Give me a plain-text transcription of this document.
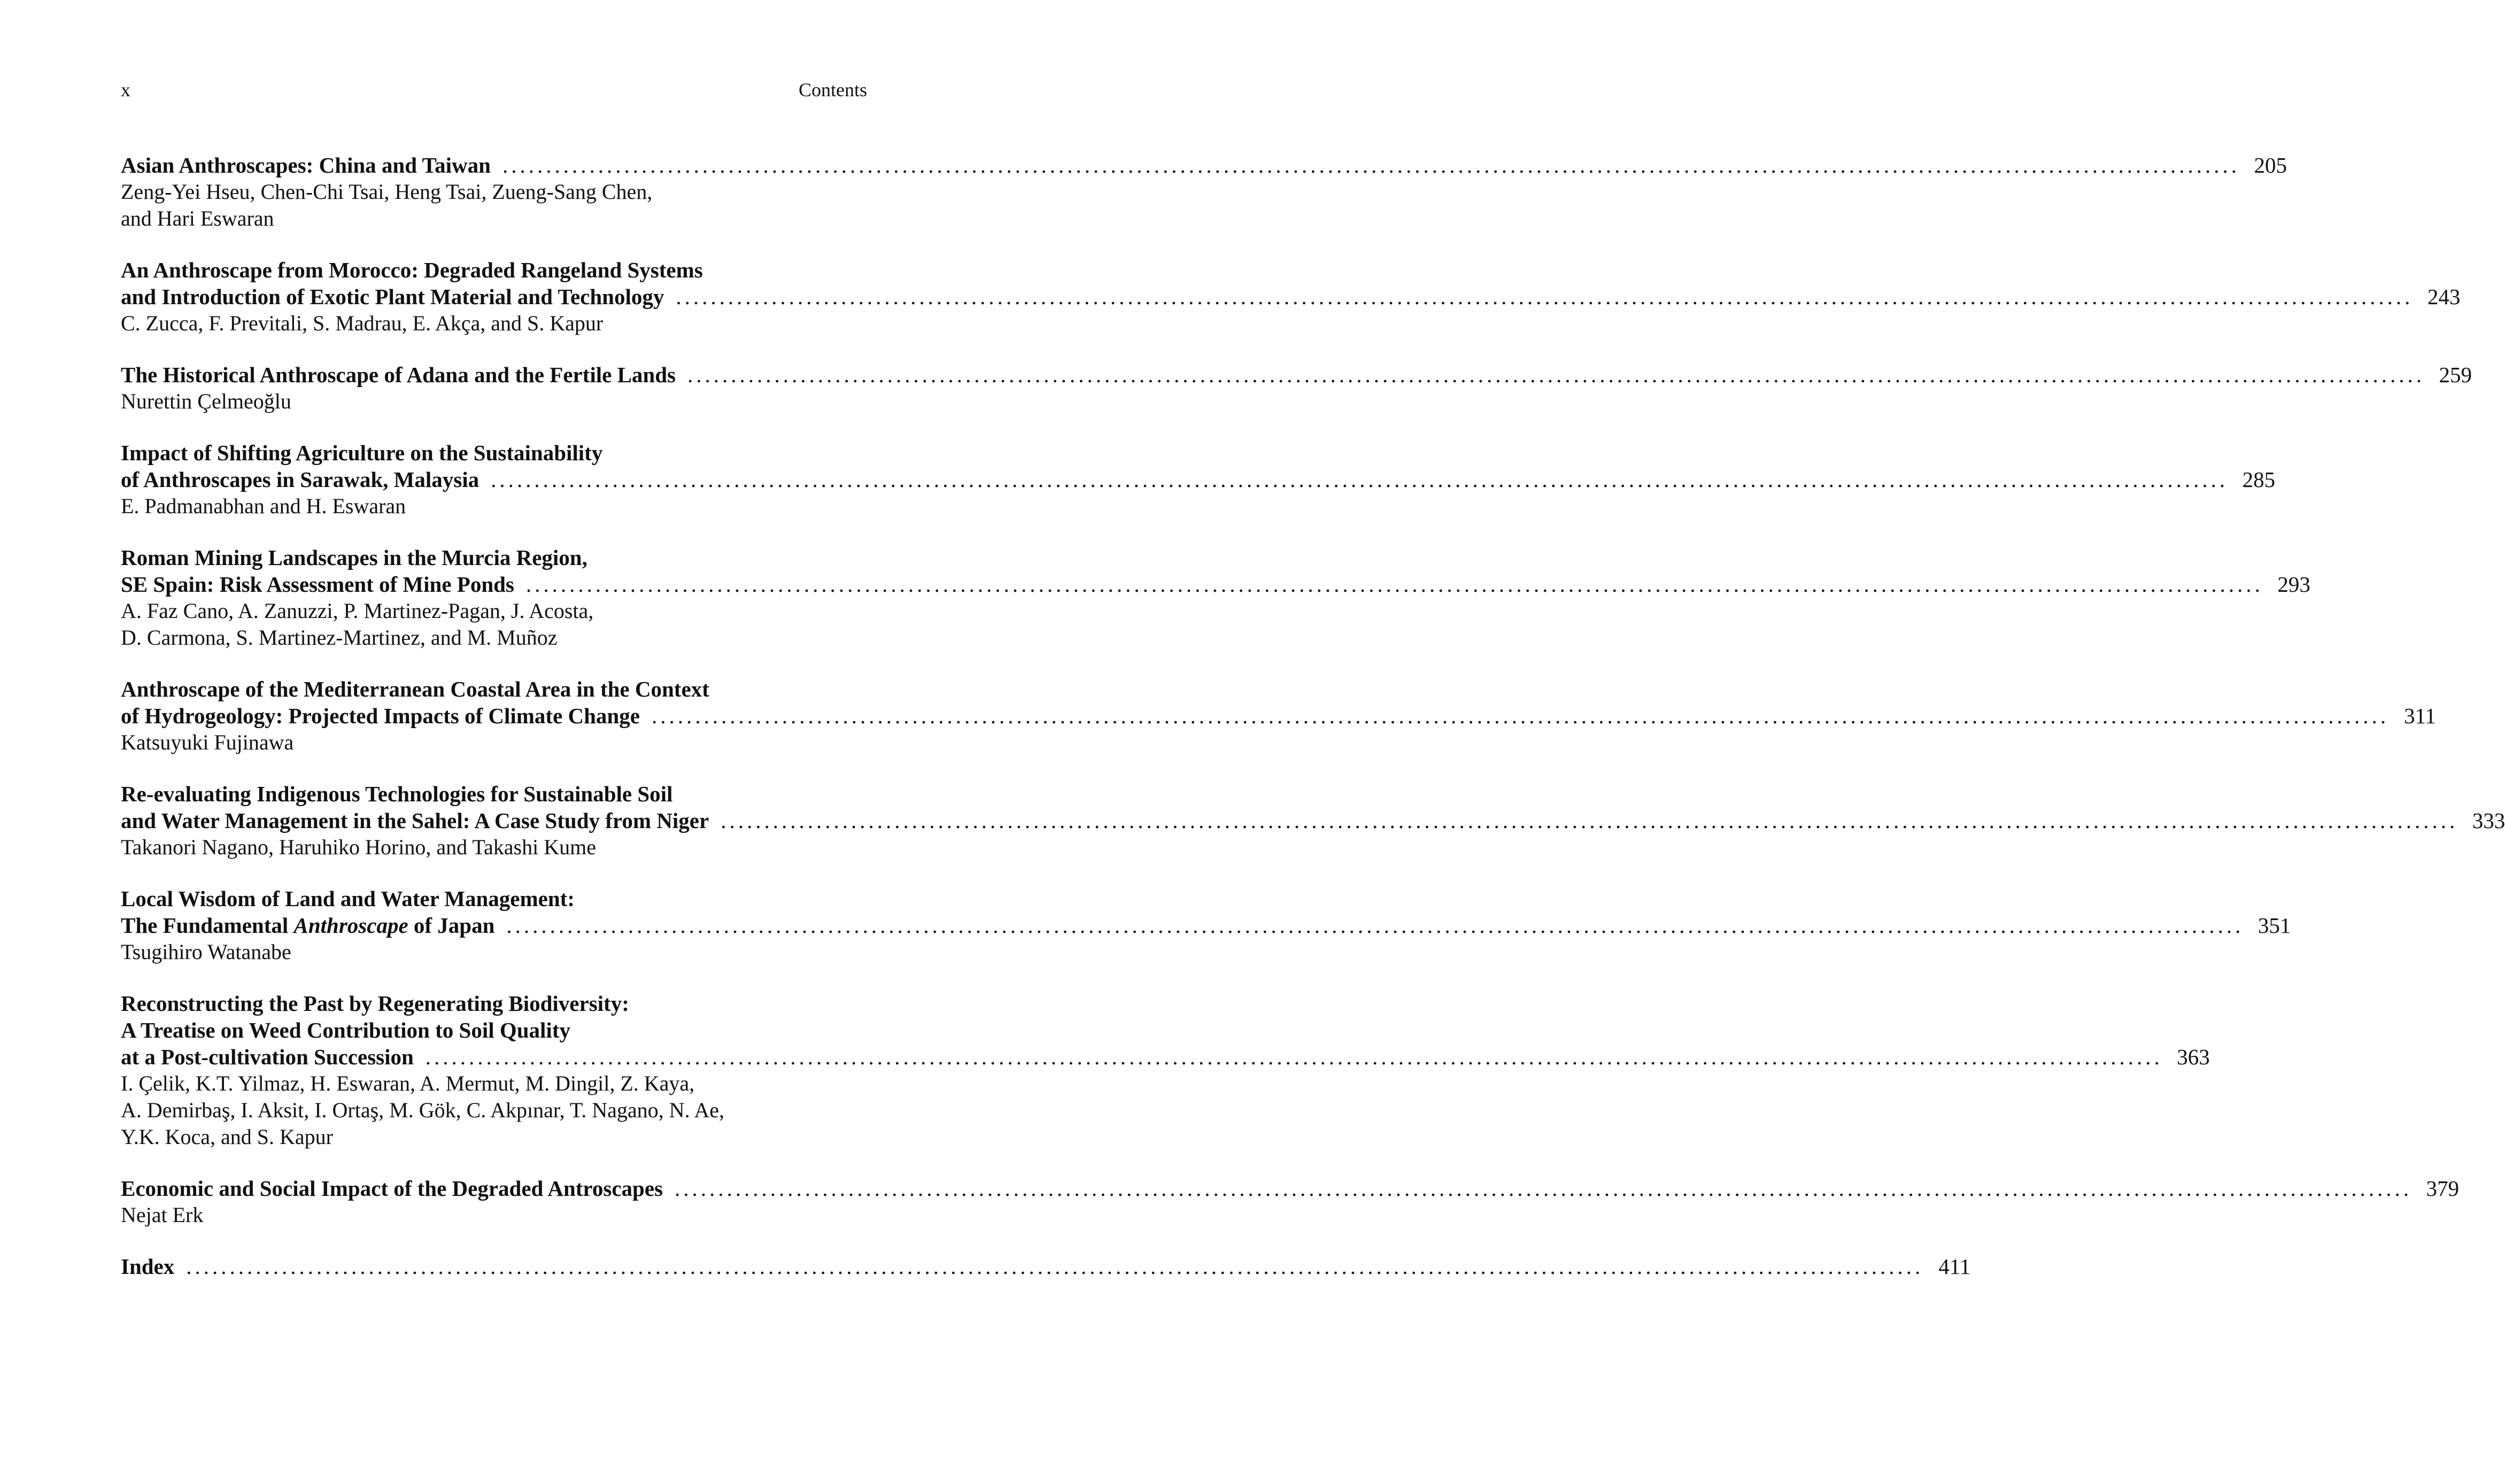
x	Contents
Asian Anthroscapes: China and Taiwan ........................................................................................................................................................................................................ 205
Zeng-Yei Hseu, Chen-Chi Tsai, Heng Tsai, Zueng-Sang Chen,
and Hari Eswaran
An Anthroscape from Morocco: Degraded Rangeland Systems
and Introduction of Exotic Plant Material and Technology ........................................................................................................................................................................................................ 243
C. Zucca, F. Previtali, S. Madrau, E. Akça, and S. Kapur
The Historical Anthroscape of Adana and the Fertile Lands ........................................................................................................................................................................................................ 259
Nurettin Çelmeoğlu
Impact of Shifting Agriculture on the Sustainability
of Anthroscapes in Sarawak, Malaysia ........................................................................................................................................................................................................ 285
E. Padmanabhan and H. Eswaran
Roman Mining Landscapes in the Murcia Region,
SE Spain: Risk Assessment of Mine Ponds ........................................................................................................................................................................................................ 293
A. Faz Cano, A. Zanuzzi, P. Martinez-Pagan, J. Acosta,
D. Carmona, S. Martinez-Martinez, and M. Muñoz
Anthroscape of the Mediterranean Coastal Area in the Context
of Hydrogeology: Projected Impacts of Climate Change ........................................................................................................................................................................................................ 311
Katsuyuki Fujinawa
Re-evaluating Indigenous Technologies for Sustainable Soil
and Water Management in the Sahel: A Case Study from Niger ........................................................................................................................................................................................................ 333
Takanori Nagano, Haruhiko Horino, and Takashi Kume
Local Wisdom of Land and Water Management:
The Fundamental Anthroscape of Japan ........................................................................................................................................................................................................ 351
Tsugihiro Watanabe
Reconstructing the Past by Regenerating Biodiversity:
A Treatise on Weed Contribution to Soil Quality
at a Post-cultivation Succession ........................................................................................................................................................................................................ 363
I. Çelik, K.T. Yilmaz, H. Eswaran, A. Mermut, M. Dingil, Z. Kaya,
A. Demirbaş, I. Aksit, I. Ortaş, M. Gök, C. Akpınar, T. Nagano, N. Ae,
Y.K. Koca, and S. Kapur
Economic and Social Impact of the Degraded Antroscapes ........................................................................................................................................................................................................ 379
Nejat Erk
Index ........................................................................................................................................................................................................ 411
